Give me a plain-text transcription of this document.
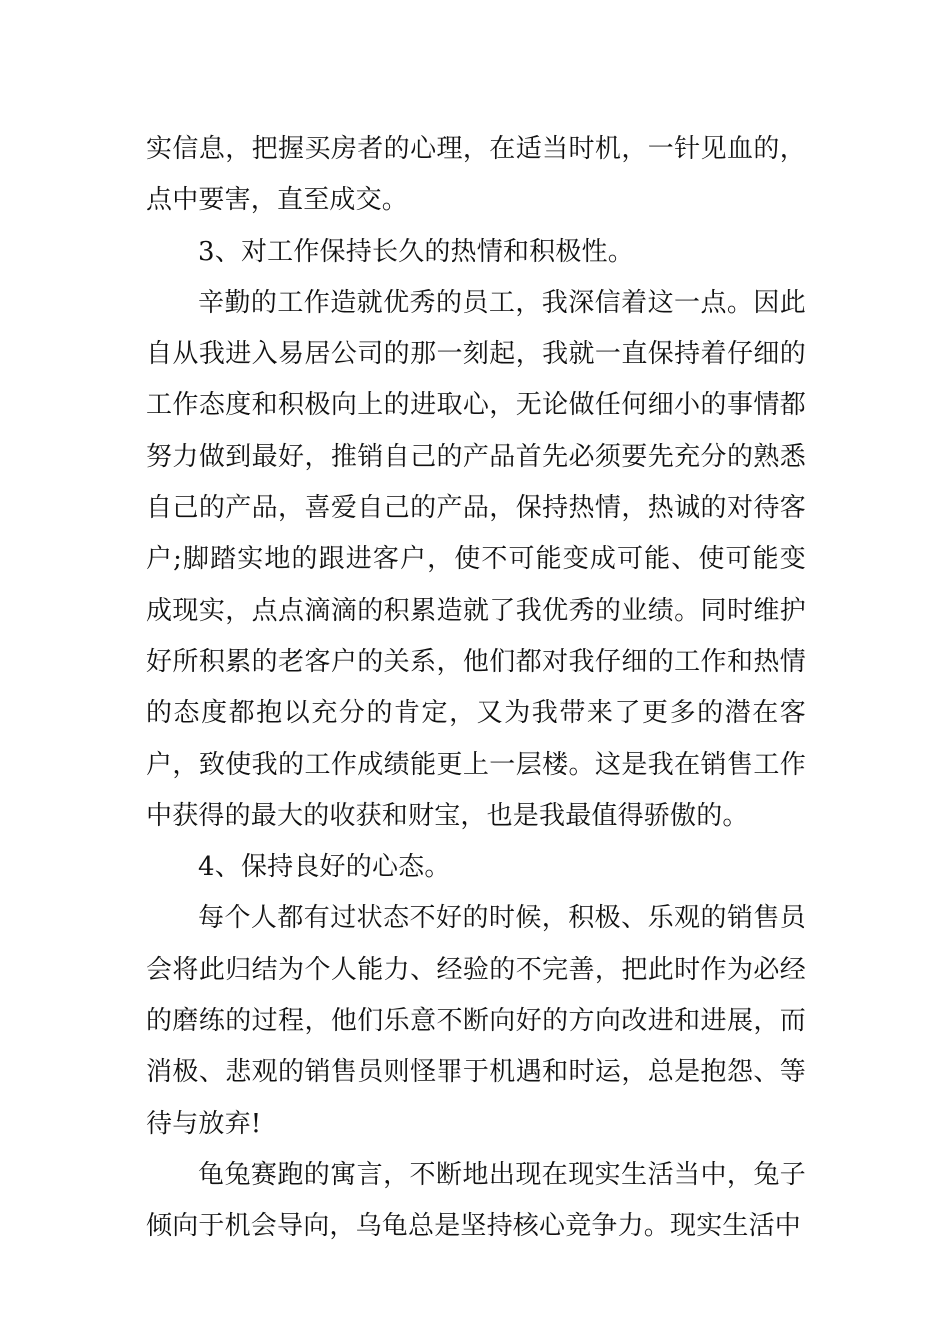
实信息，把握买房者的心理，在适当时机，一针见血的，点中要害，直至成交。

3、对工作保持长久的热情和积极性。

辛勤的工作造就优秀的员工，我深信着这一点。因此自从我进入易居公司的那一刻起，我就一直保持着仔细的工作态度和积极向上的进取心，无论做任何细小的事情都努力做到最好，推销自己的产品首先必须要先充分的熟悉自己的产品，喜爱自己的产品，保持热情，热诚的对待客户;脚踏实地的跟进客户，使不可能变成可能、使可能变成现实，点点滴滴的积累造就了我优秀的业绩。同时维护好所积累的老客户的关系，他们都对我仔细的工作和热情的态度都抱以充分的肯定，又为我带来了更多的潜在客户，致使我的工作成绩能更上一层楼。这是我在销售工作中获得的最大的收获和财宝，也是我最值得骄傲的。

4、保持良好的心态。

每个人都有过状态不好的时候，积极、乐观的销售员会将此归结为个人能力、经验的不完善，把此时作为必经的磨练的过程，他们乐意不断向好的方向改进和进展，而消极、悲观的销售员则怪罪于机遇和时运，总是抱怨、等待与放弃!

龟兔赛跑的寓言，不断地出现在现实生活当中，兔子倾向于机会导向，乌龟总是坚持核心竞争力。现实生活中
